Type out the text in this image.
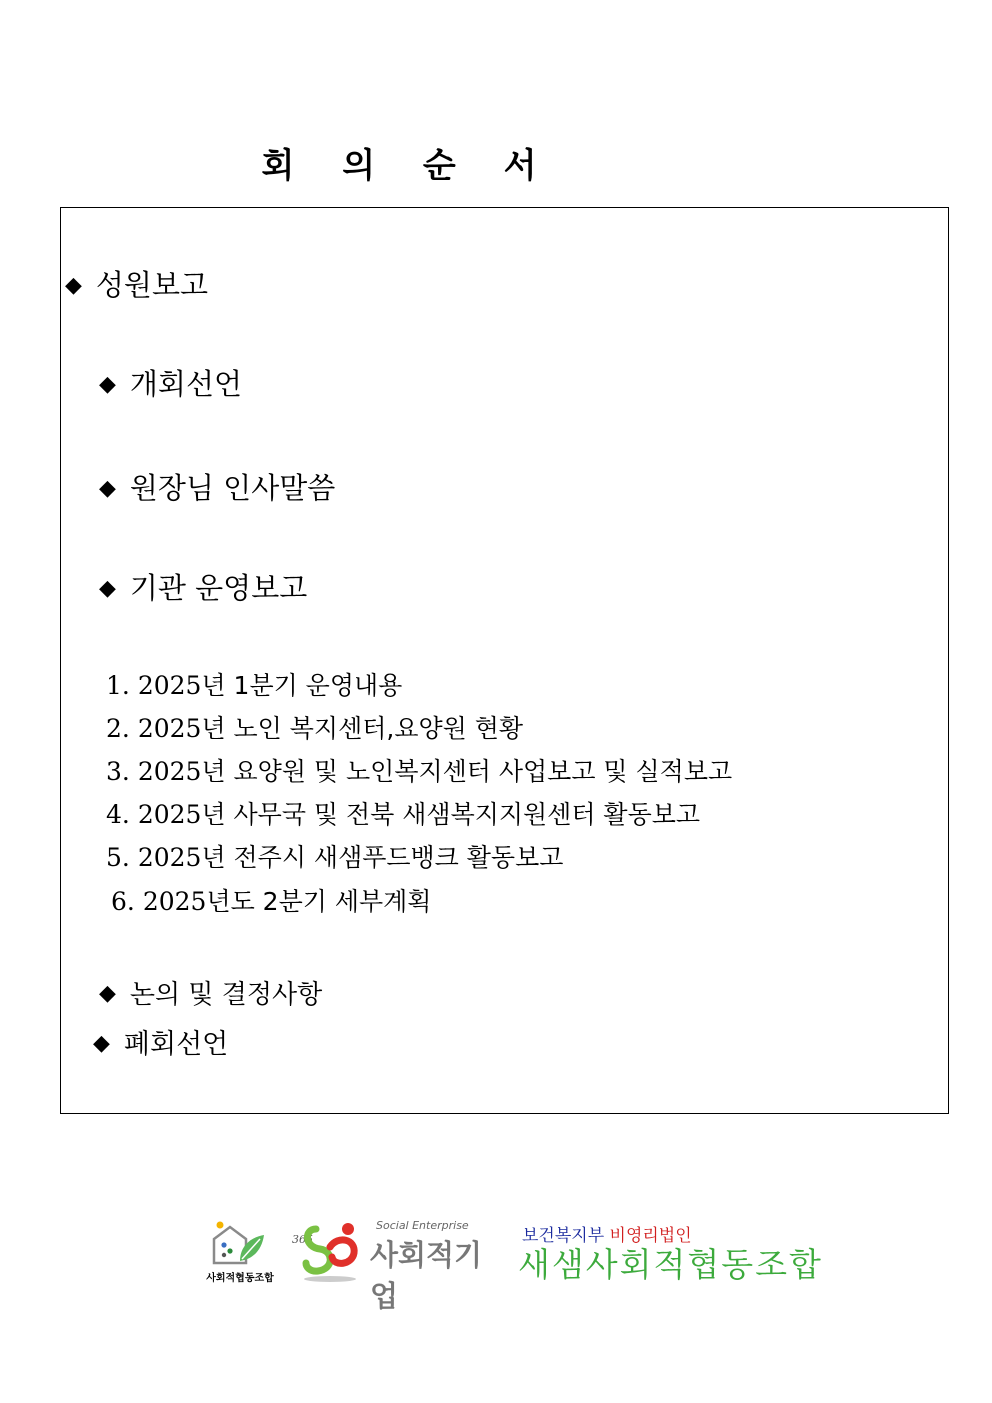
회 의 순 서
◆ 성원보고
◆ 개회선언
◆ 원장님 인사말씀
◆ 기관 운영보고
1. 2025년 1분기 운영내용
2. 2025년 노인 복지센터,요양원 현황
3. 2025년 요양원 및 노인복지센터 사업보고 및 실적보고
4. 2025년 사무국 및 전북 새샘복지지원센터 활동보고
5. 2025년 전주시 새샘푸드뱅크 활동보고
6. 2025년도 2분기 세부계획
◆ 논의 및 결정사항
◆ 폐회선언
사회적협동조합
365
Social Enterprise
사회적기업
보건복지부 비영리법인
새샘사회적협동조합
